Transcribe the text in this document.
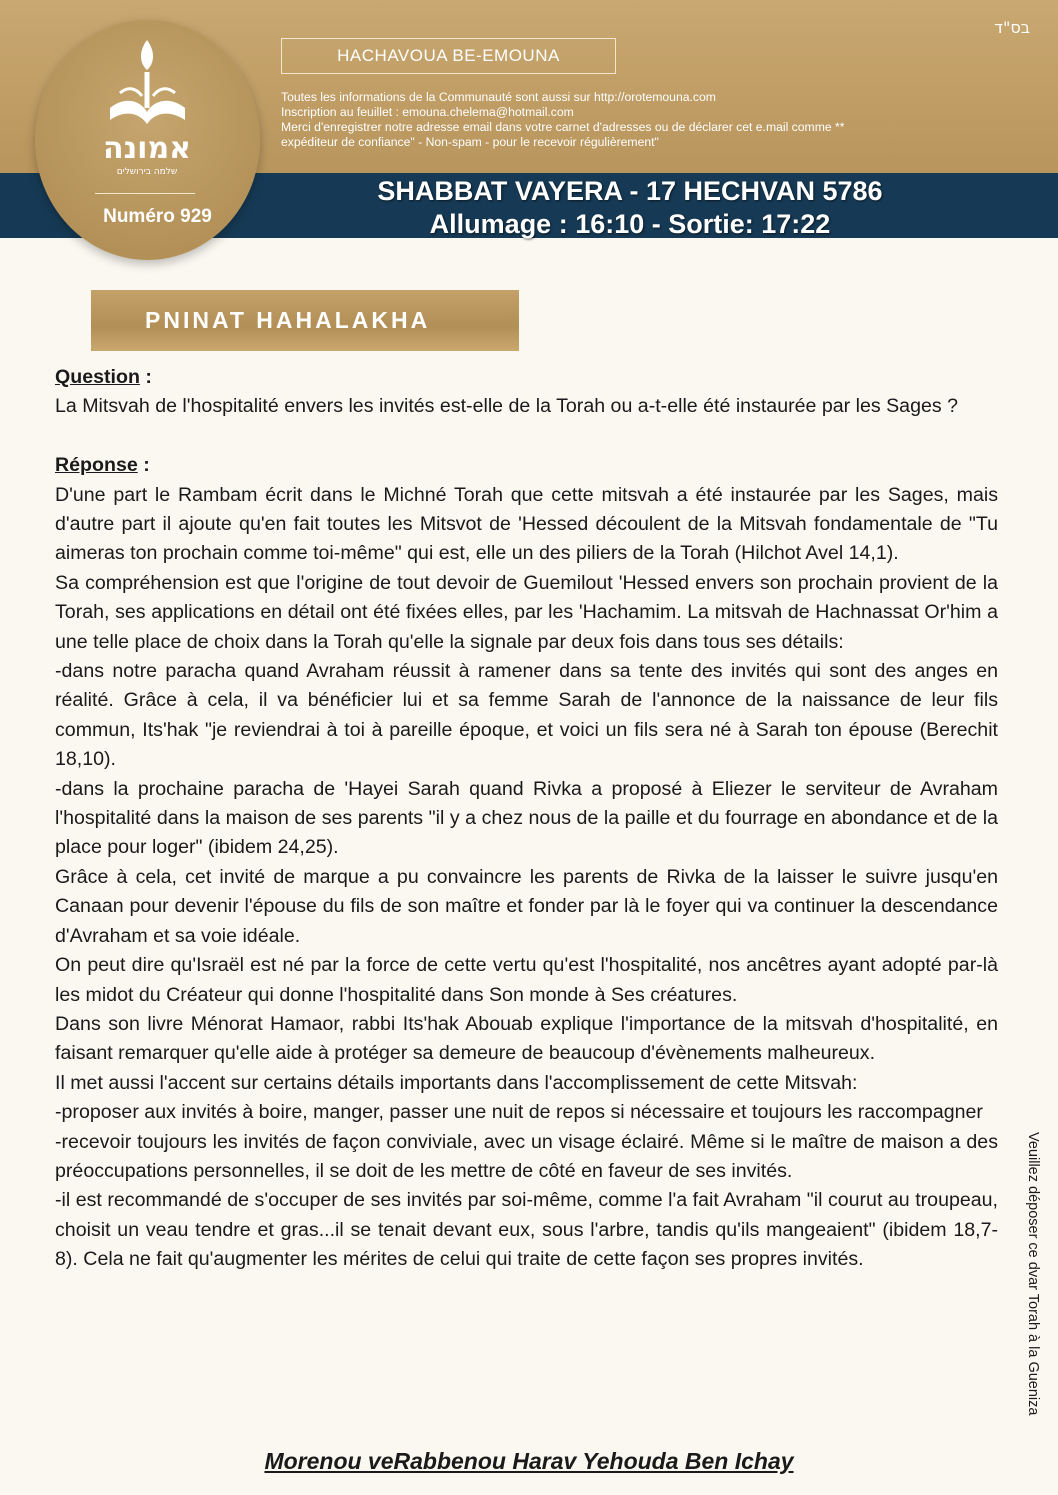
אמונה
שלמה בירושלים
Numéro 929
בס"ד
HACHAVOUA BE-EMOUNA
Toutes les informations de la Communauté sont aussi sur http://orotemouna.com
Inscription au feuillet : emouna.chelema@hotmail.com
Merci d'enregistrer notre adresse email dans votre carnet d'adresses ou de déclarer cet e.mail comme **
expéditeur de confiance" - Non-spam - pour le recevoir régulièrement"
SHABBAT VAYERA - 17 HECHVAN 5786
Allumage : 16:10 - Sortie: 17:22
PNINAT HAHALAKHA

Question :

La Mitsvah de l'hospitalité envers les invités est-elle de la Torah ou a-t-elle été instaurée par les Sages ?

Réponse :

D'une part le Rambam écrit dans le Michné Torah que cette mitsvah a été instaurée par les Sages, mais d'autre part il ajoute qu'en fait toutes les Mitsvot de 'Hessed découlent de la Mitsvah fondamentale de "Tu aimeras ton prochain comme toi-même" qui est, elle un des piliers de la Torah (Hilchot Avel 14,1).

Sa compréhension est que l'origine de tout devoir de Guemilout 'Hessed envers son prochain provient de la Torah, ses applications en détail ont été fixées elles, par les 'Hachamim. La mitsvah de Hachnassat Or'him a une telle place de choix dans la Torah qu'elle la signale par deux fois dans tous ses détails:

-dans notre paracha quand Avraham réussit à ramener dans sa tente des invités qui sont des anges en réalité. Grâce à cela, il va bénéficier lui et sa femme Sarah de l'annonce de la naissance de leur fils commun, Its'hak "je reviendrai à toi à pareille époque, et voici un fils sera né à Sarah ton épouse (Berechit 18,10).

-dans la prochaine paracha de 'Hayei Sarah quand Rivka a proposé à Eliezer le serviteur de Avraham l'hospitalité dans la maison de ses parents "il y a chez nous de la paille et du fourrage en abondance et de la place pour loger" (ibidem 24,25).

Grâce à cela, cet invité de marque a pu convaincre les parents de Rivka de la laisser le suivre jusqu'en Canaan pour devenir l'épouse du fils de son maître et fonder par là le foyer qui va continuer la descendance d'Avraham et sa voie idéale.

On peut dire qu'Israël est né par la force de cette vertu qu'est l'hospitalité, nos ancêtres ayant adopté par-là les midot du Créateur qui donne l'hospitalité dans Son monde à Ses créatures.

Dans son livre Ménorat Hamaor, rabbi Its'hak Abouab explique l'importance de la mitsvah d'hospitalité, en faisant remarquer qu'elle aide à protéger sa demeure de beaucoup d'évènements malheureux.

Il met aussi l'accent sur certains détails importants dans l'accomplissement de cette Mitsvah:

-proposer aux invités à boire, manger, passer une nuit de repos si nécessaire et toujours les raccompagner

-recevoir toujours les invités de façon conviviale, avec un visage éclairé. Même si le maître de maison a des préoccupations personnelles, il se doit de les mettre de côté en faveur de ses invités.

-il est recommandé de s'occuper de ses invités par soi-même, comme l'a fait Avraham "il courut au troupeau, choisit un veau tendre et gras...il se tenait devant eux, sous l'arbre, tandis qu'ils mangeaient" (ibidem 18,7-8). Cela ne fait qu'augmenter les mérites de celui qui traite de cette façon ses propres invités.

Morenou veRabbenou Harav Yehouda Ben Ichay
Veuillez déposer ce dvar Torah à la Guenizа
